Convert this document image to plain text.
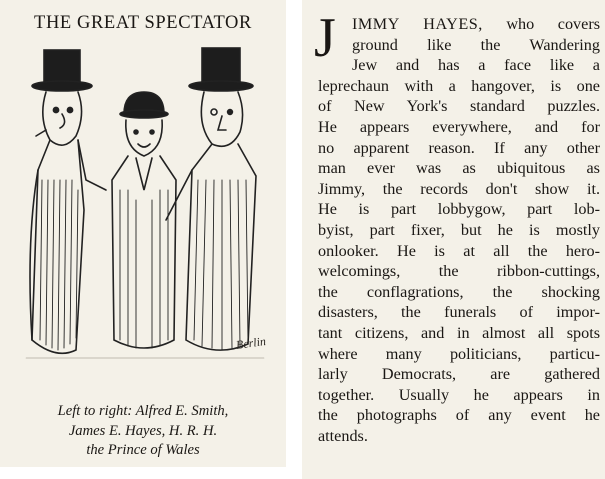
THE GREAT SPECTATOR
Berlin
Left to right: Alfred E. Smith,
James E. Hayes, H. R. H.
the Prince of Wales
J	IMMY HAYES, who covers
ground like the Wandering
Jew and has a face like a
leprechaun with a hangover, is one
of New York's standard puzzles.
He appears everywhere, and for
no apparent reason. If any other
man ever was as ubiquitous as
Jimmy, the records don't show it.
He is part lobbygow, part lob-
byist, part fixer, but he is mostly
onlooker. He is at all the hero-
welcomings, the ribbon-cuttings,
the conflagrations, the shocking
disasters, the funerals of impor-
tant citizens, and in almost all spots
where many politicians, particu-
larly Democrats, are gathered
together. Usually he appears in
the photographs of any event he
attends.
